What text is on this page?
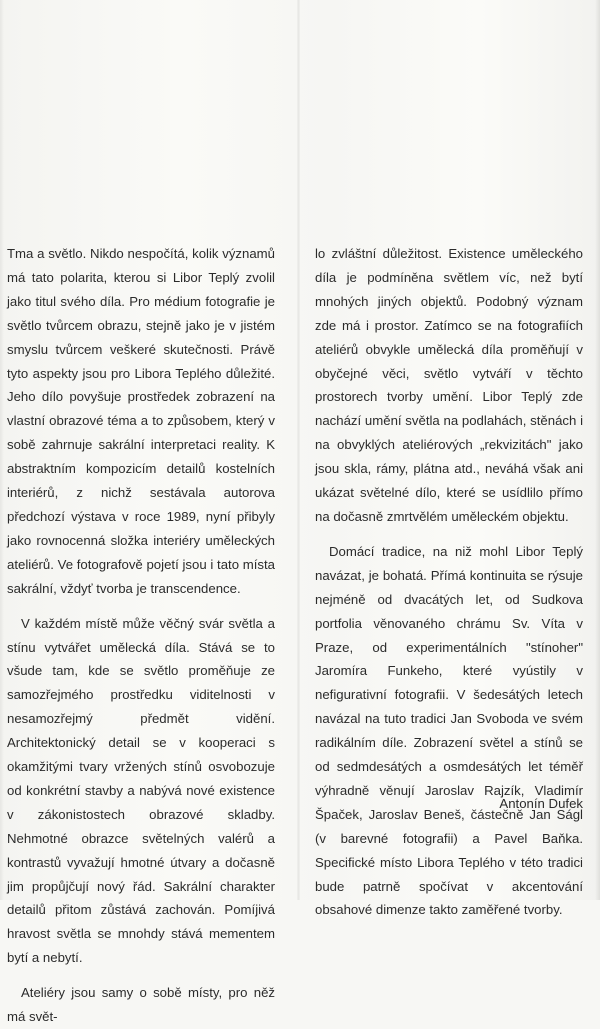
Tma a světlo. Nikdo nespočítá, kolik významů má tato polarita, kterou si Libor Teplý zvolil jako titul svého díla. Pro médium fotografie je světlo tvůrcem obrazu, stejně jako je v jistém smyslu tvůrcem veškeré skutečnosti. Právě tyto aspekty jsou pro Libora Teplého důležité. Jeho dílo povyšuje prostředek zobrazení na vlastní obrazové téma a to způsobem, který v sobě zahrnuje sakrální interpretaci reality. K abstraktním kompozicím detailů kostelních interiérů, z nichž sestávala autorova předchozí výstava v roce 1989, nyní přibyly jako rovnocenná složka interiéry uměleckých ateliérů. Ve fotografově pojetí jsou i tato místa sakrální, vždyť tvorba je transcendence.

V každém místě může věčný svár světla a stínu vytvářet umělecká díla. Stává se to všude tam, kde se světlo proměňuje ze samozřejmého prostředku viditelnosti v nesamozřejmý předmět vidění. Architektonický detail se v kooperaci s okamžitými tvary vržených stínů osvobozuje od konkrétní stavby a nabývá nové existence v zákonistostech obrazové skladby. Nehmotné obrazce světelných valérů a kontrastů vyvažují hmotné útvary a dočasně jim propůjčují nový řád. Sakrální charakter detailů přitom zůstává zachován. Pomíjivá hravost světla se mnohdy stává mementem bytí a nebytí.

Ateliéry jsou samy o sobě místy, pro něž má svět-

lo zvláštní důležitost. Existence uměleckého díla je podmíněna světlem víc, než bytí mnohých jiných objektů. Podobný význam zde má i prostor. Zatímco se na fotografiích ateliérů obvykle umělecká díla proměňují v obyčejné věci, světlo vytváří v těchto prostorech tvorby umění. Libor Teplý zde nachází umění světla na podlahách, stěnách i na obvyklých ateliérových „rekvizitách" jako jsou skla, rámy, plátna atd., neváhá však ani ukázat světelné dílo, které se usídlilo přímo na dočasně zmrtvělém uměleckém objektu.

Domácí tradice, na niž mohl Libor Teplý navázat, je bohatá. Přímá kontinuita se rýsuje nejméně od dvacátých let, od Sudkova portfolia věnovaného chrámu Sv. Víta v Praze, od experimentálních "stínoher" Jaromíra Funkeho, které vyústily v nefigurativní fotografii. V šedesátých letech navázal na tuto tradici Jan Svoboda ve svém radikálním díle. Zobrazení světel a stínů se od sedmdesátých a osmdesátých let téměř výhradně věnují Jaroslav Rajzík, Vladimír Špaček, Jaroslav Beneš, částečně Jan Ságl (v barevné fotografii) a Pavel Baňka. Specifické místo Libora Teplého v této tradici bude patrně spočívat v akcentování obsahové dimenze takto zaměřené tvorby.

Antonín Dufek
